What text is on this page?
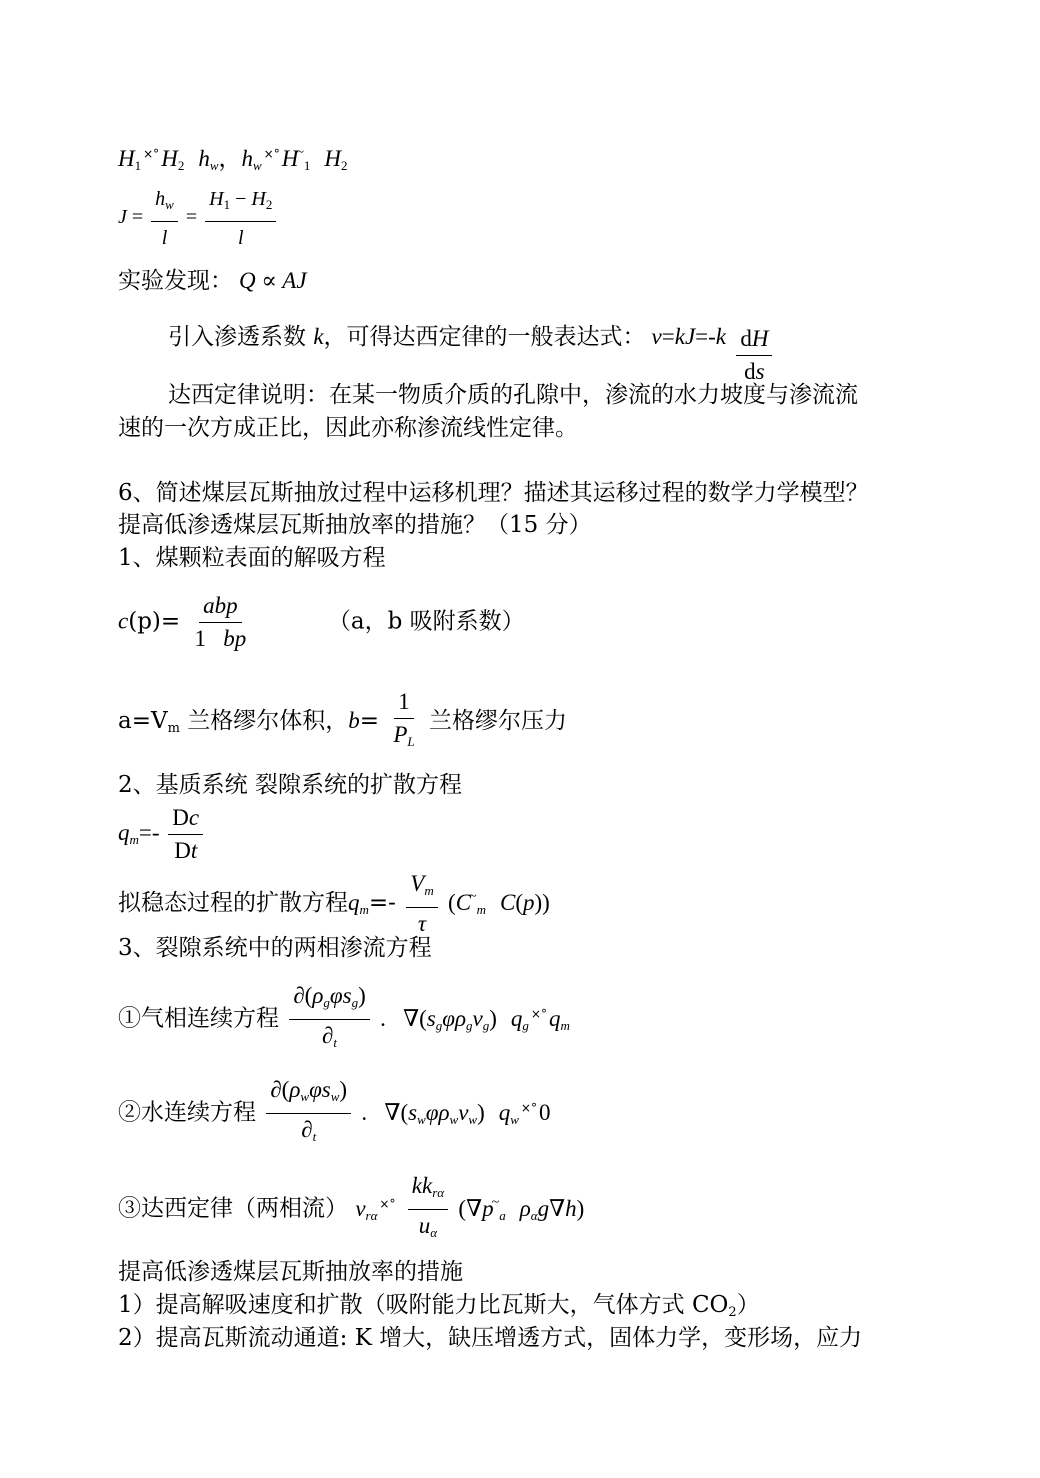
$H_1^{\times^\circ}H_2$ $h_w$，$h_w^{\times^\circ}H^\sim_1$ $H_2$
$J = \frac{h_w}{l} = \frac{H_1 - H_2}{l}$
实验发现： Q ∝ AJ
引入渗透系数 k，可得达西定律的一般表达式： $v=kJ=-k \frac{dH}{ds}$
达西定律说明：在某一物质介质的孔隙中，渗流的水力坡度与渗流流
速的一次方成正比，因此亦称渗流线性定律。
6、简述煤层瓦斯抽放过程中运移机理？描述其运移过程的数学力学模型？
提高低渗透煤层瓦斯抽放率的措施？（15 分）
1、煤颗粒表面的解吸方程
$c(p)= \frac{\text{abp}}{1 bp}$	（a，b 吸附系数）
$a=V_m$ 兰格缪尔体积，$b= \frac{1}{P_L}$ 兰格缪尔压力
2、基质系统 裂隙系统的扩散方程
$q_m=- \frac{Dc}{Dt}$
拟稳态过程的扩散方程$q_m=- \frac{V_m}{\tau} (C^\sim_m$ C(p))
3、裂隙系统中的两相渗流方程
①气相连续方程 $\frac{\partial(\rho_g\varphi s_g)}{\partial_t}$ .   $\nabla(s_g\varphi\rho_gv_g)$ $q_g^{\times^\circ}q_m$
②水连续方程 $\frac{\partial(\rho_w\varphi s_w)}{\partial_t}$ .   $\nabla(s_w\varphi\rho_wv_w)$ $q_w^{\times^\circ}0$
③达西定律（两相流） $v_{r\alpha}^{\times^\circ} \frac{kk_{r\alpha}}{u_\alpha} (\nabla p^\sim_a$ $\rho_\alpha g\nabla h$)
提高低渗透煤层瓦斯抽放率的措施
1）提高解吸速度和扩散（吸附能力比瓦斯大，气体方式 $CO_2$）
2）提高瓦斯流动通道: K 增大，缺压增透方式，固体力学，变形场，应力
